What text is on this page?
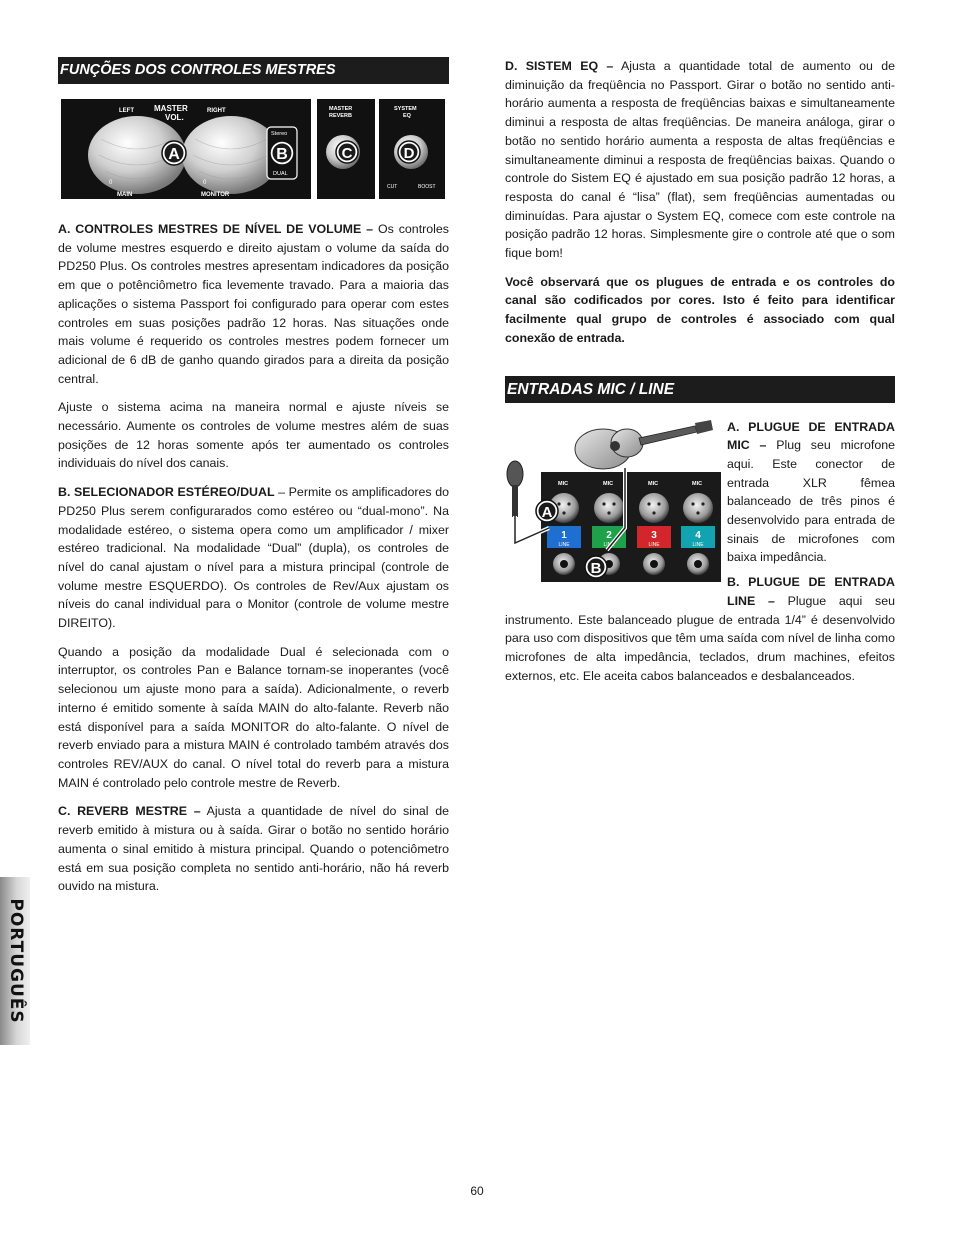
FUNÇÕES DOS CONTROLES MESTRES
LEFT	MASTER
VOL.
RIGHT
0	0
MAIN	MONITOR
Stereo
DUAL
A	B
MASTER
REVERB
C
SYSTEM
EQ
D
CUT	BOOST

A. CONTROLES MESTRES DE NÍVEL DE VOLUME – Os controles de volume mestres esquerdo e direito ajustam o volume da saída do PD250 Plus. Os controles mestres apresentam indicadores da posição em que o potênciômetro fica levemente travado. Para a maioria das aplicações o sistema Passport foi configurado para operar com estes controles em suas posições padrão 12 horas. Nas situações onde mais volume é requerido os controles mestres podem fornecer um adicional de 6 dB de ganho quando girados para a direita da posição central.

Ajuste o sistema acima na maneira normal e ajuste níveis se necessário. Aumente os controles de volume mestres além de suas posições de 12 horas somente após ter aumentado os controles individuais do nível dos canais.

B. SELECIONADOR ESTÉREO/DUAL – Permite os amplificadores do PD250 Plus serem configurarados como estéreo ou “dual-mono”. Na modalidade estéreo, o sistema opera como um amplificador / mixer estéreo tradicional. Na modalidade “Dual” (dupla), os controles de nível do canal ajustam o nível para a mistura principal (controle de volume mestre ESQUERDO). Os controles de Rev/Aux ajustam os níveis do canal individual para o Monitor (controle de volume mestre DIREITO).

Quando a posição da modalidade Dual é selecionada com o interruptor, os controles Pan e Balance tornam-se inoperantes (você selecionou um ajuste mono para a saída). Adicionalmente, o reverb interno é emitido somente à saída MAIN do alto-falante. Reverb não está disponível para a saída MONITOR do alto-falante. O nível de reverb enviado para a mistura MAIN é controlado também através dos controles REV/AUX do canal. O nível total do reverb para a mistura MAIN é controlado pelo controle mestre de Reverb.

C. REVERB MESTRE – Ajusta a quantidade de nível do sinal de reverb emitido à mistura ou à saída. Girar o botão no sentido horário aumenta o sinal emitido à mistura principal. Quando o potenciômetro está em sua posição completa no sentido anti-horário, não há reverb ouvido na mistura.

D. SISTEM EQ – Ajusta a quantidade total de aumento ou de diminuição da freqüência no Passport. Girar o botão no sentido anti-horário aumenta a resposta de freqüências baixas e simultaneamente diminui a resposta de altas freqüências. De maneira análoga, girar o botão no sentido horário aumenta a resposta de altas freqüências e simultaneamente diminui a resposta de freqüências baixas. Quando o controle do Sistem EQ é ajustado em sua posição padrão 12 horas, a resposta do canal é “lisa” (flat), sem freqüências aumentadas ou diminuídas. Para ajustar o System EQ, comece com este controle na posição padrão 12 horas. Simplesmente gire o controle até que o som fique bom!

Você observará que os plugues de entrada e os controles do canal são codificados por cores. Isto é feito para identificar facilmente qual grupo de controles é associado com qual conexão de entrada.

ENTRADAS MIC / LINE
MIC	MIC	MIC	MIC
1	2	3	4
LINE	LINE	LINE	LINE
A
B

A. PLUGUE DE ENTRADA MIC – Plug seu microfone aqui. Este conector de entrada XLR fêmea balanceado de três pinos é desenvolvido para entrada de sinais de microfones com baixa impedância.

B. PLUGUE DE ENTRADA LINE – Plugue aqui seu instrumento. Este balanceado plugue de entrada 1/4” é desenvolvido para uso com dispositivos que têm uma saída com nível de linha como microfones de alta impedância, teclados, drum machines, efeitos externos, etc. Ele aceita cabos balanceados e desbalanceados.

PORTUGUÊS
60
